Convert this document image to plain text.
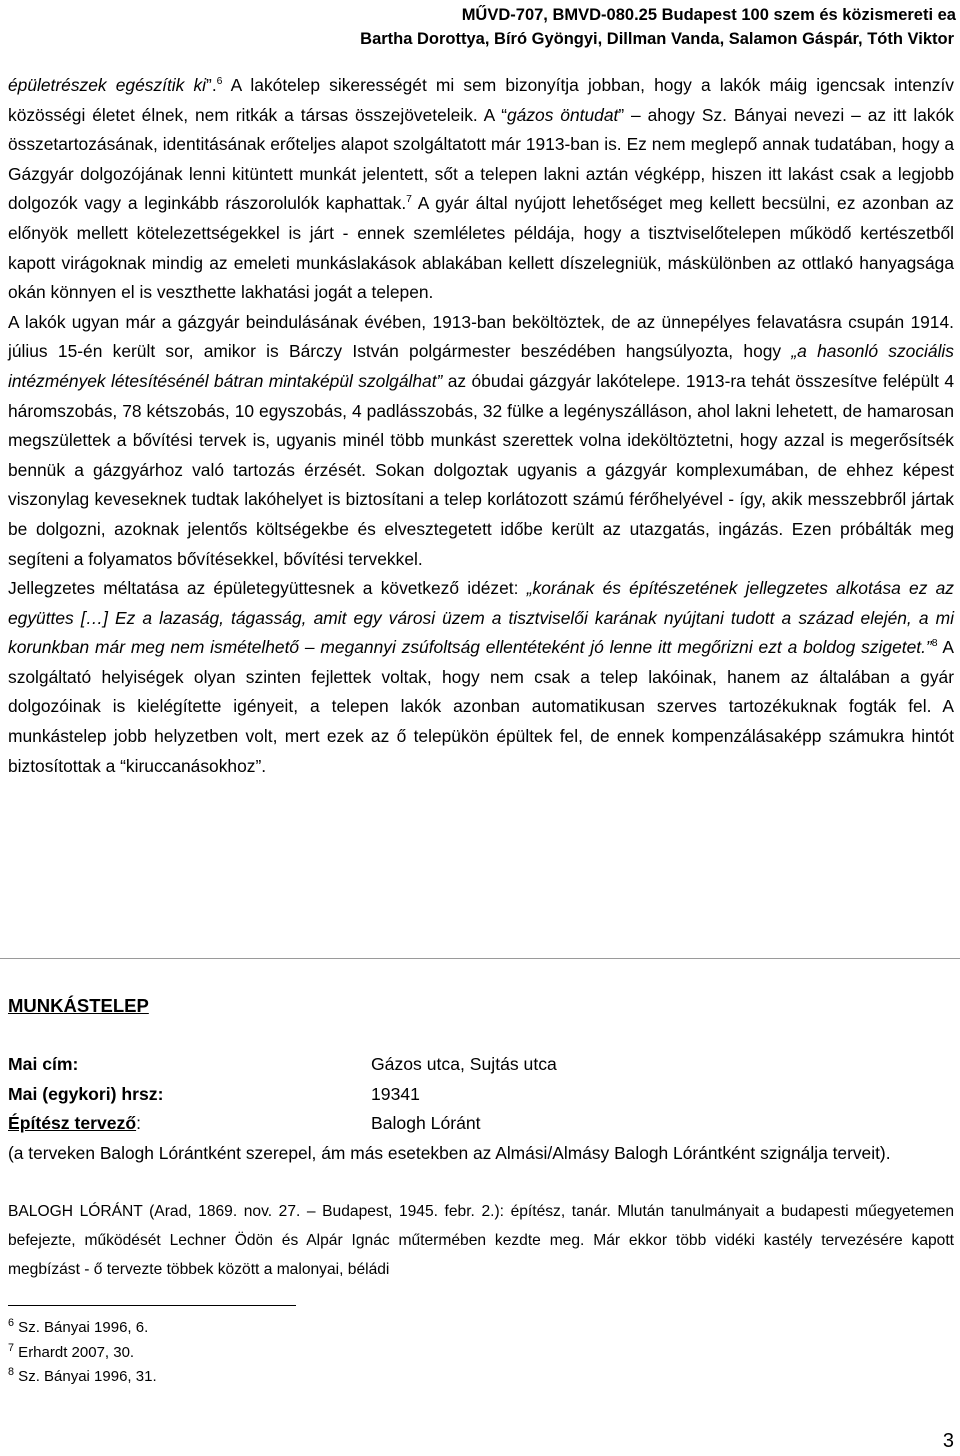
MŰVD-707, BMVD-080.25 Budapest 100 szem és közismereti ea
Bartha Dorottya, Bíró Gyöngyi, Dillman Vanda, Salamon Gáspár, Tóth Viktor

épületrészek egészítik ki”.$^6$ A lakótelep sikerességét mi sem bizonyítja jobban, hogy a lakók máig igencsak intenzív közösségi életet élnek, nem ritkák a társas összejöveteleik. A “gázos öntudat” – ahogy Sz. Bányai nevezi – az itt lakók összetartozásának, identitásának erőteljes alapot szolgáltatott már 1913-ban is. Ez nem meglepő annak tudatában, hogy a Gázgyár dolgozójának lenni kitüntett munkát jelentett, sőt a telepen lakni aztán végképp, hiszen itt lakást csak a legjobb dolgozók vagy a leginkább rászorolulók kaphattak.$^7$ A gyár által nyújott lehetőséget meg kellett becsülni, ez azonban az előnyök mellett kötelezettségekkel is járt - ennek szemléletes példája, hogy a tisztviselőtelepen működő kertészetből kapott virágoknak mindig az emeleti munkáslakások ablakában kellett díszelegniük, máskülönben az ottlakó hanyagsága okán könnyen el is veszthette lakhatási jogát a telepen.

A lakók ugyan már a gázgyár beindulásának évében, 1913-ban beköltöztek, de az ünnepélyes felavatásra csupán 1914. július 15-én került sor, amikor is Bárczy István polgármester beszédében hangsúlyozta, hogy „a hasonló szociális intézmények létesítésénél bátran mintaképül szolgálhat” az óbudai gázgyár lakótelepe. 1913-ra tehát összesítve felépült 4 háromszobás, 78 kétszobás, 10 egyszobás, 4 padlásszobás, 32 fülke a legényszálláson, ahol lakni lehetett, de hamarosan megszülettek a bővítési tervek is, ugyanis minél több munkást szerettek volna ideköltöztetni, hogy azzal is megerősítsék bennük a gázgyárhoz való tartozás érzését. Sokan dolgoztak ugyanis a gázgyár komplexumában, de ehhez képest viszonylag keveseknek tudtak lakóhelyet is biztosítani a telep korlátozott számú férőhelyével - így, akik messzebbről jártak be dolgozni, azoknak jelentős költségekbe és elvesztegetett időbe került az utazgatás, ingázás. Ezen próbálták meg segíteni a folyamatos bővítésekkel, bővítési tervekkel.

Jellegzetes méltatása az épületegyüttesnek a következő idézet: „korának és építészetének jellegzetes alkotása ez az együttes […] Ez a lazaság, tágasság, amit egy városi üzem a tisztviselői karának nyújtani tudott a század elején, a mi korunkban már meg nem ismételhető – megannyi zsúfoltság ellentéteként jó lenne itt megőrizni ezt a boldog szigetet.”$^8$ A szolgáltató helyiségek olyan szinten fejlettek voltak, hogy nem csak a telep lakóinak, hanem az általában a gyár dolgozóinak is kielégítette igényeit, a telepen lakók azonban automatikusan szerves tartozékuknak fogták fel. A munkástelep jobb helyzetben volt, mert ezek az ő telepükön épültek fel, de ennek kompenzálásaképp számukra hintót biztosítottak a “kiruccanásokhoz”.

MUNKÁSTELEP
Mai cím:	Gázos utca, Sujtás utca
Mai (egykori) hrsz:	19341
Építész tervező:	Balogh Lóránt
(a terveken Balogh Lórántként szerepel, ám más esetekben az Almási/Almásy Balogh Lórántként szignálja terveit).
BALOGH LÓRÁNT (Arad, 1869. nov. 27. – Budapest, 1945. febr. 2.): építész, tanár. Mlután tanulmányait a budapesti műegyetemen befejezte, működését Lechner Ödön és Alpár Ignác műtermében kezdte meg. Már ekkor több vidéki kastély tervezésére kapott megbízást - ő tervezte többek között a malonyai, béládi
$^6$ Sz. Bányai 1996, 6.
$^7$ Erhardt 2007, 30.
$^8$ Sz. Bányai 1996, 31.
3
